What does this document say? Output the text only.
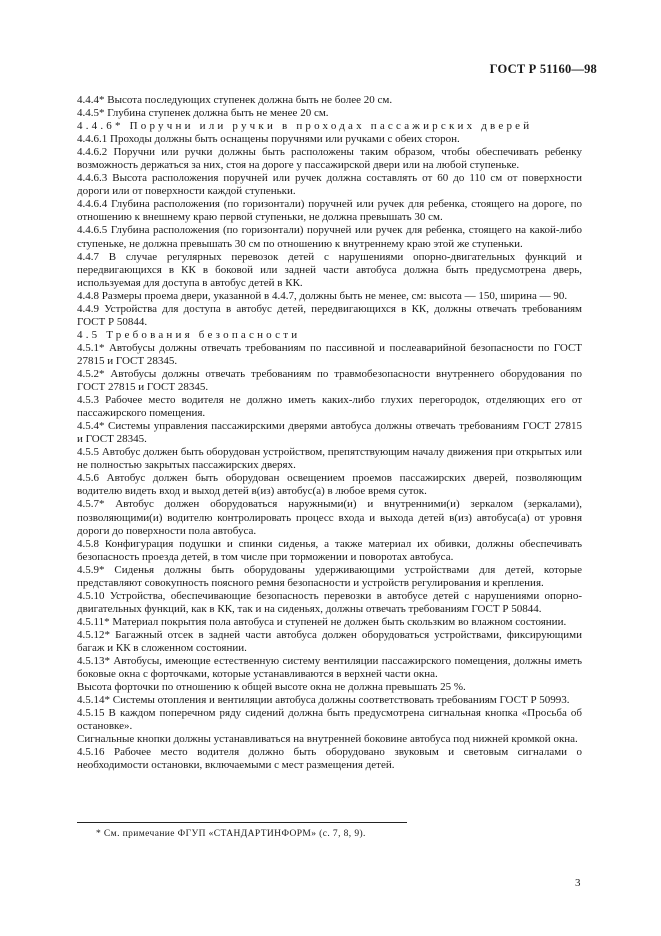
ГОСТ Р 51160—98

4.4.4* Высота последующих ступенек должна быть не более 20 см.

4.4.5* Глубина ступенек должна быть не менее 20 см.

4.4.6* Поручни или ручки в проходах пассажирских дверей

4.4.6.1 Проходы должны быть оснащены поручнями или ручками с обеих сторон.

4.4.6.2 Поручни или ручки должны быть расположены таким образом, чтобы обеспечивать ребенку возможность держаться за них, стоя на дороге у пассажирской двери или на любой ступеньке.

4.4.6.3 Высота расположения поручней или ручек должна составлять от 60 до 110 см от поверхности дороги или от поверхности каждой ступеньки.

4.4.6.4 Глубина расположения (по горизонтали) поручней или ручек для ребенка, стоящего на дороге, по отношению к внешнему краю первой ступеньки, не должна превышать 30 см.

4.4.6.5 Глубина расположения (по горизонтали) поручней или ручек для ребенка, стоящего на какой-либо ступеньке, не должна превышать 30 см по отношению к внутреннему краю этой же ступеньки.

4.4.7 В случае регулярных перевозок детей с нарушениями опорно-двигательных функций и передвигающихся в КК в боковой или задней части автобуса должна быть предусмотрена дверь, используемая для доступа в автобус детей в КК.

4.4.8 Размеры проема двери, указанной в 4.4.7, должны быть не менее, см: высота — 150, ширина — 90.

4.4.9 Устройства для доступа в автобус детей, передвигающихся в КК, должны отвечать требованиям ГОСТ Р 50844.

4.5 Требования безопасности

4.5.1* Автобусы должны отвечать требованиям по пассивной и послеаварийной безопасности по ГОСТ 27815 и ГОСТ 28345.

4.5.2* Автобусы должны отвечать требованиям по травмобезопасности внутреннего оборудования по ГОСТ 27815 и ГОСТ 28345.

4.5.3 Рабочее место водителя не должно иметь каких-либо глухих перегородок, отделяющих его от пассажирского помещения.

4.5.4* Системы управления пассажирскими дверями автобуса должны отвечать требованиям ГОСТ 27815 и ГОСТ 28345.

4.5.5 Автобус должен быть оборудован устройством, препятствующим началу движения при открытых или не полностью закрытых пассажирских дверях.

4.5.6 Автобус должен быть оборудован освещением проемов пассажирских дверей, позволяющим водителю видеть вход и выход детей в(из) автобус(а) в любое время суток.

4.5.7* Автобус должен оборудоваться наружными(и) и внутренними(и) зеркалом (зеркалами), позволяющими(и) водителю контролировать процесс входа и выхода детей в(из) автобуса(а) от уровня дороги до поверхности пола автобуса.

4.5.8 Конфигурация подушки и спинки сиденья, а также материал их обивки, должны обеспечивать безопасность проезда детей, в том числе при торможении и поворотах автобуса.

4.5.9* Сиденья должны быть оборудованы удерживающими устройствами для детей, которые представляют совокупность поясного ремня безопасности и устройств регулирования и крепления.

4.5.10 Устройства, обеспечивающие безопасность перевозки в автобусе детей с нарушениями опорно-двигательных функций, как в КК, так и на сиденьях, должны отвечать требованиям ГОСТ Р 50844.

4.5.11* Материал покрытия пола автобуса и ступеней не должен быть скользким во влажном состоянии.

4.5.12* Багажный отсек в задней части автобуса должен оборудоваться устройствами, фиксирующими багаж и КК в сложенном состоянии.

4.5.13* Автобусы, имеющие естественную систему вентиляции пассажирского помещения, должны иметь боковые окна с форточками, которые устанавливаются в верхней части окна.

Высота форточки по отношению к общей высоте окна не должна превышать 25 %.

4.5.14* Системы отопления и вентиляции автобуса должны соответствовать требованиям ГОСТ Р 50993.

4.5.15 В каждом поперечном ряду сидений должна быть предусмотрена сигнальная кнопка «Просьба об остановке».

Сигнальные кнопки должны устанавливаться на внутренней боковине автобуса под нижней кромкой окна.

4.5.16 Рабочее место водителя должно быть оборудовано звуковым и световым сигналами о необходимости остановки, включаемыми с мест размещения детей.

* См. примечание ФГУП «СТАНДАРТИНФОРМ» (с. 7, 8, 9).
3
